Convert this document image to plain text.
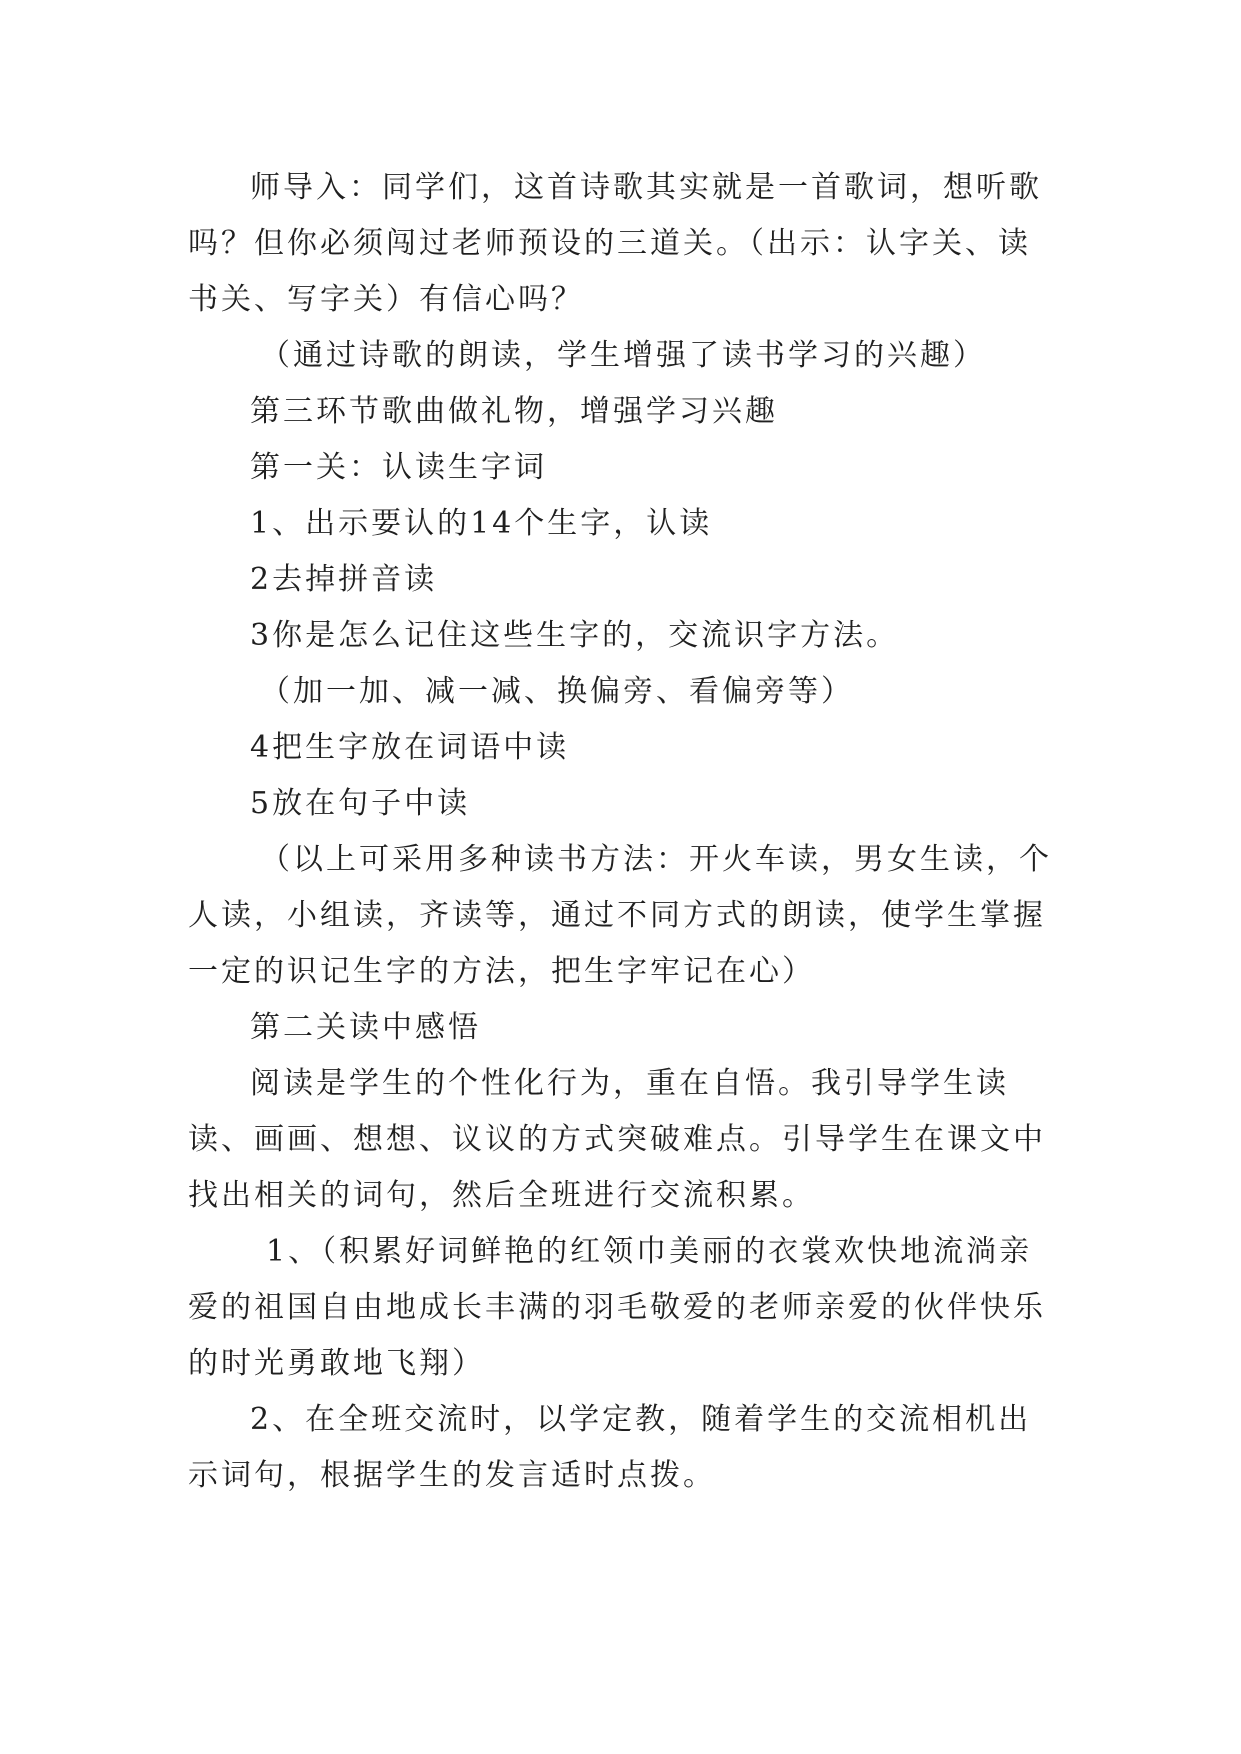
师导入：同学们，这首诗歌其实就是一首歌词，想听歌吗？但你必须闯过老师预设的三道关。（出示：认字关、读书关、写字关）有信心吗？

（通过诗歌的朗读，学生增强了读书学习的兴趣）

第三环节歌曲做礼物，增强学习兴趣

第一关：认读生字词

1、出示要认的14个生字，认读

2去掉拼音读

3你是怎么记住这些生字的，交流识字方法。

（加一加、减一减、换偏旁、看偏旁等）

4把生字放在词语中读

5放在句子中读

（以上可采用多种读书方法：开火车读，男女生读，个人读，小组读，齐读等，通过不同方式的朗读，使学生掌握一定的识记生字的方法，把生字牢记在心）

第二关读中感悟

阅读是学生的个性化行为，重在自悟。我引导学生读读、画画、想想、议议的方式突破难点。引导学生在课文中找出相关的词句，然后全班进行交流积累。

1、（积累好词鲜艳的红领巾美丽的衣裳欢快地流淌亲爱的祖国自由地成长丰满的羽毛敬爱的老师亲爱的伙伴快乐的时光勇敢地飞翔）

2、在全班交流时，以学定教，随着学生的交流相机出示词句，根据学生的发言适时点拨。
